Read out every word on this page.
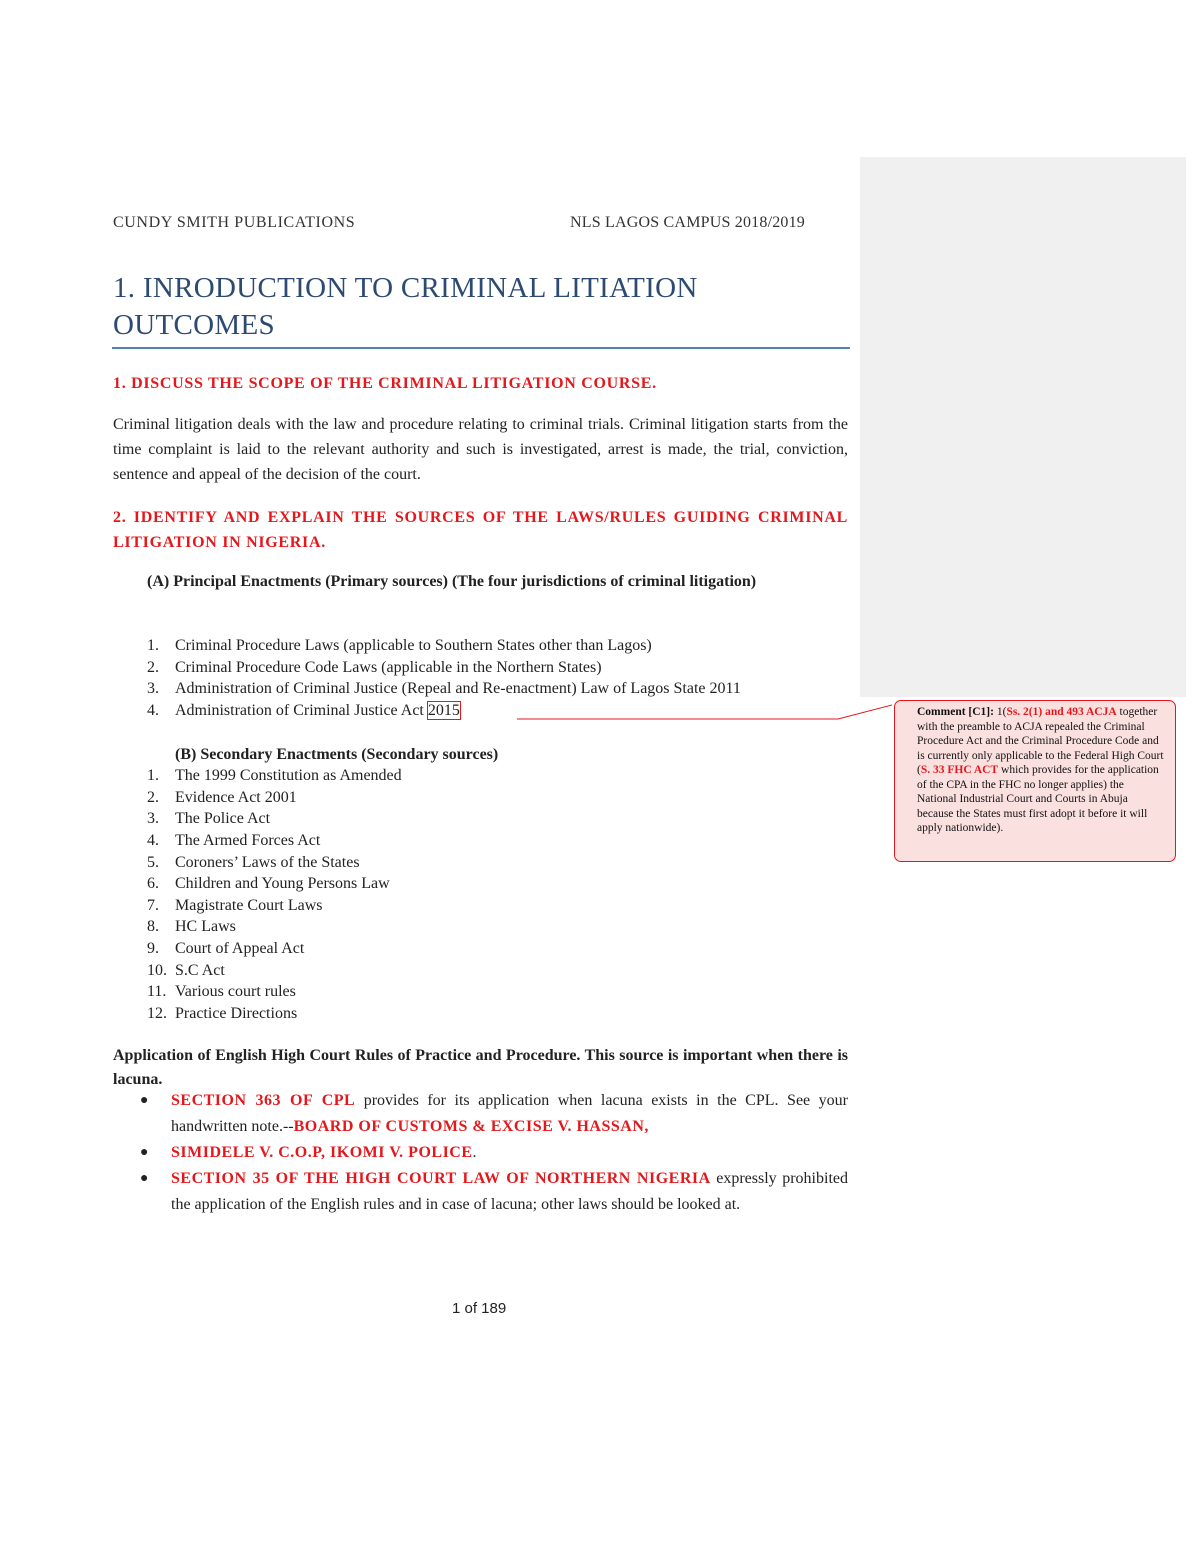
CUNDY SMITH PUBLICATIONS	NLS LAGOS CAMPUS 2018/2019
1. INRODUCTION TO CRIMINAL LITIATION OUTCOMES
1. DISCUSS THE SCOPE OF THE CRIMINAL LITIGATION COURSE.
Criminal litigation deals with the law and procedure relating to criminal trials. Criminal litigation starts from the time complaint is laid to the relevant authority and such is investigated, arrest is made, the trial, conviction, sentence and appeal of the decision of the court.
2. IDENTIFY AND EXPLAIN THE SOURCES OF THE LAWS/RULES GUIDING CRIMINAL LITIGATION IN NIGERIA.
(A) Principal Enactments (Primary sources) (The four jurisdictions of criminal litigation)
1. Criminal Procedure Laws (applicable to Southern States other than Lagos)
2. Criminal Procedure Code Laws (applicable in the Northern States)
3. Administration of Criminal Justice (Repeal and Re-enactment) Law of Lagos State 2011
4. Administration of Criminal Justice Act 2015	Comment [C1]: 1(Ss. 2(1) and 493 ACJA together with the preamble to ACJA repealed the Criminal Procedure Act and the Criminal Procedure Code and is currently only applicable to the Federal High Court (S. 33 FHC ACT which provides for the application of the CPA in the FHC no longer applies) the National Industrial Court and Courts in Abuja because the States must first adopt it before it will apply nationwide).
(B) Secondary Enactments (Secondary sources)
1. The 1999 Constitution as Amended
2. Evidence Act 2001
3. The Police Act
4. The Armed Forces Act
5. Coroners’ Laws of the States
6. Children and Young Persons Law
7. Magistrate Court Laws
8. HC Laws
9. Court of Appeal Act
10. S.C Act
11. Various court rules
12. Practice Directions
Application of English High Court Rules of Practice and Procedure. This source is important when there is lacuna.
● SECTION 363 OF CPL provides for its application when lacuna exists in the CPL. See your handwritten note.--BOARD OF CUSTOMS & EXCISE V. HASSAN,
● SIMIDELE V. C.O.P, IKOMI V. POLICE.
● SECTION 35 OF THE HIGH COURT LAW OF NORTHERN NIGERIA expressly prohibited the application of the English rules and in case of lacuna; other laws should be looked at.
1 of 189
